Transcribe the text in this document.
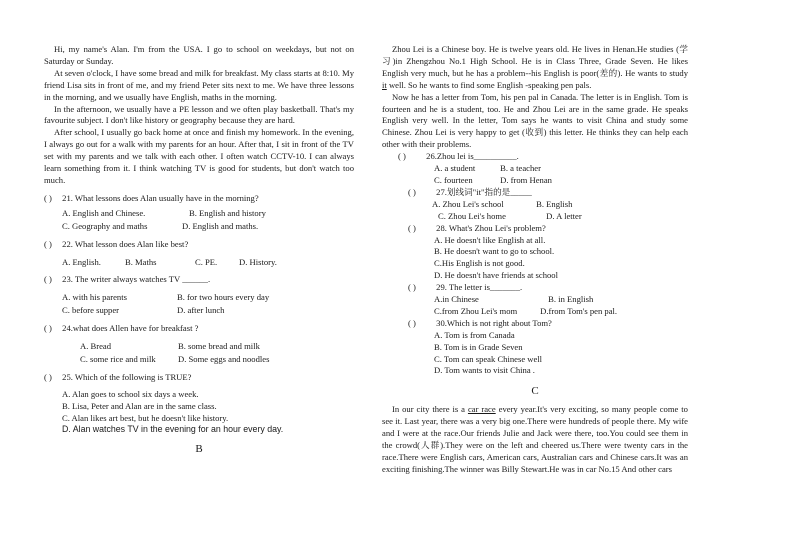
Hi, my name's Alan. I'm from the USA. I go to school on weekdays, but not on Saturday or Sunday.

At seven o'clock, I have some bread and milk for breakfast. My class starts at 8:10. My friend Lisa sits in front of me, and my friend Peter sits next to me. We have three lessons in the morning, and we usually have English, maths in the morning.

In the afternoon, we usually have a PE lesson and we often play basketball. That's my favourite subject. I don't like history or geography because they are hard.

After school, I usually go back home at once and finish my homework. In the evening, I always go out for a walk with my parents for an hour. After that, I sit in front of the TV set with my parents and we talk with each other. I often watch CCTV-10. I can always learn something from it. I think watching TV is good for students, but don't watch too much.

( ) 21. What lessons does Alan usually have in the morning?
A. English and Chinese.	B. English and history
C. Geography and maths	D. English and maths.
( ) 22. What lesson does Alan like best?
A. English.	B. Maths	C. PE.	D. History.
( ) 23. The writer always watches TV ______.
A. with his parents	B. for two hours every day
C. before supper	D. after lunch
( ) 24.what does Allen have for breakfast ?
A. Bread	B. some bread and milk
C. some rice and milk	D. Some eggs and noodles
( ) 25. Which of the following is TRUE?
A. Alan goes to school six days a week.
B. Lisa, Peter and Alan are in the same class.
C. Alan likes art best, but he doesn't like history.
D. Alan watches TV in the evening for an hour every day.
B

Zhou Lei is a Chinese boy. He is twelve years old. He lives in Henan.He studies (学习)in Zhengzhou No.1 High School. He is in Class Three, Grade Seven. He likes English very much, but he has a problem--his English is poor(差的). He wants to study it well. So he wants to find some English -speaking pen pals.

Now he has a letter from Tom, his pen pal in Canada. The letter is in English. Tom is fourteen and he is a student, too. He and Zhou Lei are in the same grade. He speaks English very well. In the letter, Tom says he wants to visit China and study some Chinese. Zhou Lei is very happy to get (收到) this letter. He thinks they can help each other with their problems.

( ) 26.Zhou lei is__________.
A. a student	B. a teacher
C. fourteen	D. from Henan
( ) 27.划线词"it"指的是_____
A. Zhou Lei's school	B. English
C. Zhou Lei's home	D. A letter
( ) 28. What's Zhou Lei's problem?
A. He doesn't like English at all.
B. He doesn't want to go to school.
C.His English is not good.
D. He doesn't have friends at school
( ) 29. The letter is_______.
A.in Chinese	B. in English
C.from Zhou Lei's mom	D.from Tom's pen pal.
( ) 30.Which is not right about Tom?
A. Tom is from Canada
B. Tom is in Grade Seven
C. Tom can speak Chinese well
D. Tom wants to visit China .
C

In our city there is a car race every year.It's very exciting, so many people come to see it. Last year, there was a very big one.There were hundreds of people there. My wife and I were at the race.Our friends Julie and Jack were there, too.You could see them in the crowd(人群).They were on the left and cheered us.There were twenty cars in the race.There were English cars, American cars, Australian cars and Chinese cars.It was an exciting finishing.The winner was Billy Stewart.He was in car No.15 And other cars
